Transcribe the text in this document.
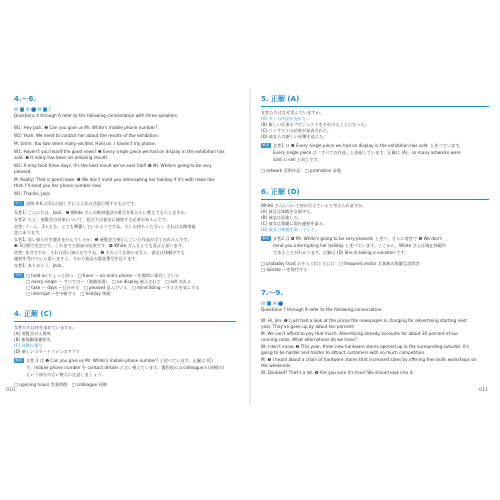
4.～6.
W 📘 M 🔵 M 📘 F
Questions 4 through 6 refer to the following conversation with three speakers.
W1: Hey Jack. ❶ Can you give us Mr. White's mobile phone number?
W2: Yeah. We need to contact her about the results of the exhibition.
M: Umm. You two seem really excited. Hold on. I haven't my phone.
W1: Haven't you heard the good news? ❷ Every single piece we had on display in the exhibition has
sold. ❸ It really has been an amazing result!
W2: It only took three days. It's the best result we've ever had! ❹ Mr. White's going to be very
pleased.
M: Really! That is good news. ❺ We don't mind you interrupting her holiday if it's with news like
that. I'll send you her phone number now.
W1: Thanks, Jack.
訳文 設問 4-6 は3人の話し手による次の会話に関するものです。
女性1: こんにちは、Jack。❶ White さんの携帯電話の番号を私たちに教えてもらえますか。
女性2: ええ、展覧会の結果について、私たちは彼女に連絡する必要があるんです。
男性: うーん、2人とも、とても興奮しているようですね。少しお待ちください。それはお携帯電
話にあります。
女性1: 良い知らせを聞きませんでしたか。❷ 展覧会で展示していた作品が全て売れたんです。
❸ 3日間で完売です。これまでで最高の結果です。❹ White さんもとても喜ぶと思います。
男性: 本当ですか、それは良い知らせですね。❺ そのような知らせなら、彼女は休暇中でも
連絡を受けたいと思いますよ。今から彼女の電話番号を送ります。
女性1: ありがとう、Jack。
語句 □ hold on ちょっと待つ　□ have ～ on one's phone ～を携帯に保存している
□ every single ～ すべての～（強調表現）　□ on display 展示されて　□ sell 売れる
□ take ～ days ～日かかる　□ pleased 喜んでいる　□ mind doing ～するのを気にする
□ interrupt ～を中断する　□ holiday 休暇
4. 正解 (C)
女性たちは何を求めていますか。
(A) 展覧会の入場券
(B) 新規顧客連絡先
(C) 同僚の番号
(D) 新しいスマートフォンのアプリ
解説 女性 1 は ❶ Can you give us Mr. White's mobile phone number? と述べています。正解は (C)
で、mobile phone number を contact details と言い換えています。選択肢の a colleague's (同僚の)
という部分の言い換えに注意しましょう。
□ opening hours 営業時間　□ colleague 同僚
010
5. 正解 (A)
女性たちはなぜ喜んでいますか。
(A) 多くの作品が売れた。
(B) 新しい仕事のプロジェクトを手がけることになった。
(C) コンテストの結果が発表された。
(D) 彼女らは新しい同僚を迎えた。
解説 女性1 は ❷ Every single piece we had on display in the exhibition has sold. と述べています。
Every single piece は「すべての作品」と表現しています。正解は (A)。so many artworks were
sold の sell と同じです。
□ artwork 美術作品　□ promotion 昇進
6. 正解 (D)
White さんについて何が言えていると考えられますか。
(A) 彼女は休暇を計画中だ。
(B) 彼女は昇進した。
(C) 彼女は頻繁に現在連絡を取る。
(D) 彼女は休暇を取っている。
解説 女性2 は ❹ Mr. White's going to be very pleased. と述べ、さらに男性で ❺ We don't
mind you interrupting her holiday と述べています。ここから、White さんは現在休暇中
であることがわかります。正解は (D) She is taking a vacation です。
□ probably trust おそらく信じるには　□ frequent visitor お客様の頻繁な訪問者
□ donate ～を寄付する
7.～9.
W 📘 M 🔵
Questions 7 through 9 refer to the following conversation.
W: Hi, Jim. ❶ I just had a look at the prices the newspaper is charging for advertising starting next
year. They've gone up by about ten percent!
M: We can't afford to pay that much. Advertising already accounts for about 30 percent of our
running costs. What alternatives do we have?
W: I don't know. ❷ This year, three new hardware stores opened up in the surrounding suburbs. It's
going to be harder and harder to attract customers with so much competition.
M: ❸ I heard about a chain of hardware stores that increased sales by offering free skills workshops on
the weekends.
W: Doubled? That's a lot. ❹ Are you sure it's true? We should look into it.
011
